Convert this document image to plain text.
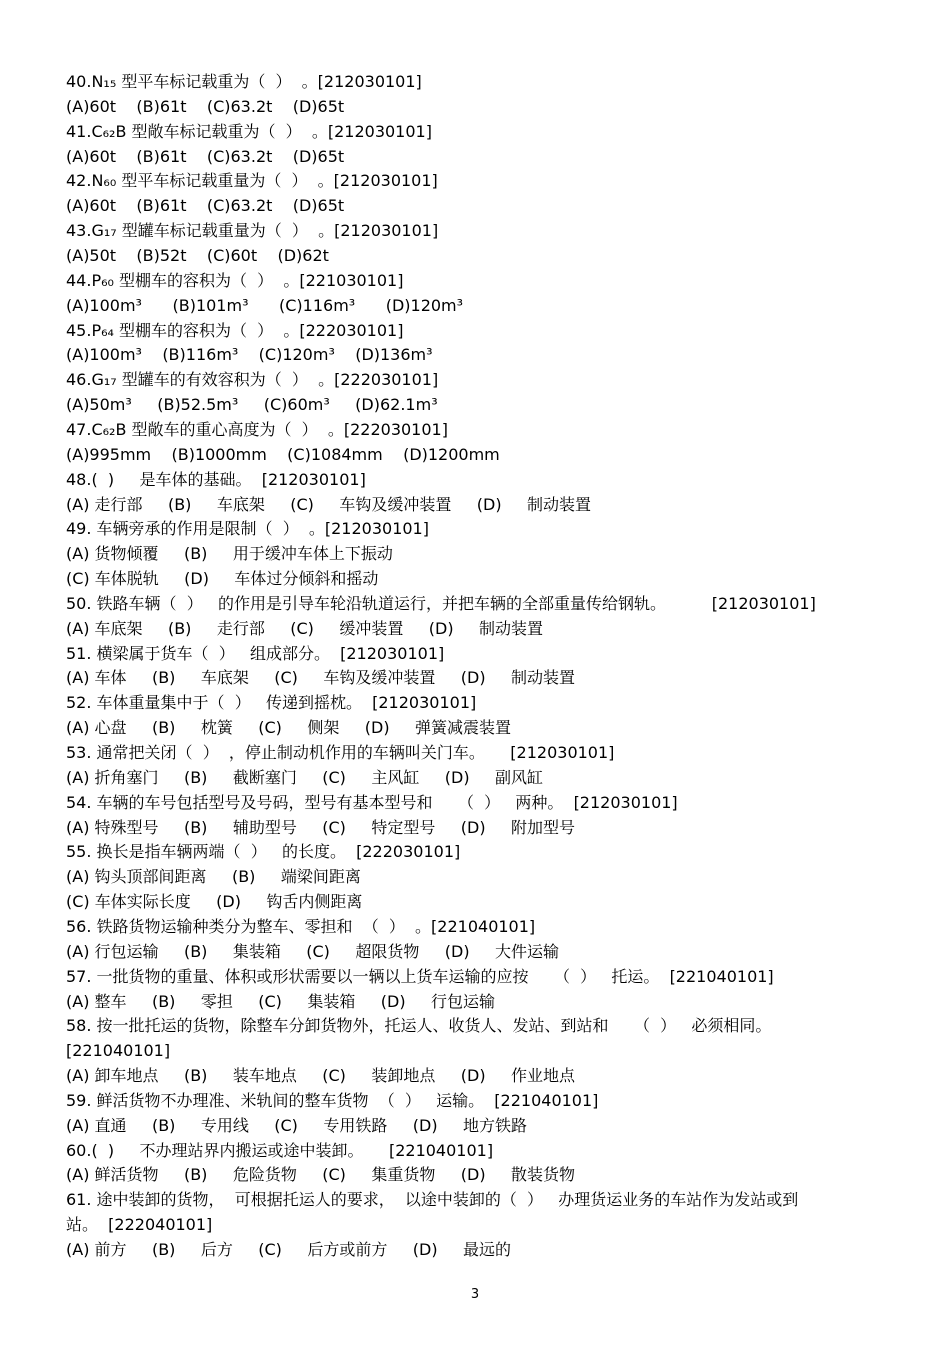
40.N₁₅ 型平车标记载重为（  ）  。[212030101]
(A)60t    (B)61t    (C)63.2t    (D)65t
41.C₆₂B 型敞车标记载重为（  ）  。[212030101]
(A)60t    (B)61t    (C)63.2t    (D)65t
42.N₆₀ 型平车标记载重量为（  ）  。[212030101]
(A)60t    (B)61t    (C)63.2t    (D)65t
43.G₁₇ 型罐车标记载重量为（  ）  。[212030101]
(A)50t    (B)52t    (C)60t    (D)62t
44.P₆₀ 型棚车的容积为（  ）  。[221030101]
(A)100m³      (B)101m³      (C)116m³      (D)120m³
45.P₆₄ 型棚车的容积为（  ）  。[222030101]
(A)100m³    (B)116m³    (C)120m³    (D)136m³
46.G₁₇ 型罐车的有效容积为（  ）  。[222030101]
(A)50m³     (B)52.5m³     (C)60m³     (D)62.1m³
47.C₆₂B 型敞车的重心高度为（  ）  。[222030101]
(A)995mm    (B)1000mm    (C)1084mm    (D)1200mm
48.(  )     是车体的基础。  [212030101]
(A) 走行部     (B)     车底架     (C)     车钩及缓冲装置     (D)     制动装置
49. 车辆旁承的作用是限制（  ）  。[212030101]
(A) 货物倾覆     (B)     用于缓冲车体上下振动
(C) 车体脱轨     (D)     车体过分倾斜和摇动
50. 铁路车辆（  ）   的作用是引导车轮沿轨道运行，并把车辆的全部重量传给钢轨。         [212030101]
(A) 车底架     (B)     走行部     (C)     缓冲装置     (D)     制动装置
51. 横梁属于货车（  ）   组成部分。  [212030101]
(A) 车体     (B)     车底架     (C)     车钩及缓冲装置     (D)     制动装置
52. 车体重量集中于（  ）   传递到摇枕。  [212030101]
(A) 心盘     (B)     枕簧     (C)     侧架     (D)     弹簧减震装置
53. 通常把关闭（  ）  ，停止制动机作用的车辆叫关门车。     [212030101]
(A) 折角塞门     (B)     截断塞门     (C)     主风缸     (D)     副风缸
54. 车辆的车号包括型号及号码，型号有基本型号和     （  ）   两种。  [212030101]
(A) 特殊型号     (B)     辅助型号     (C)     特定型号     (D)     附加型号
55. 换长是指车辆两端（  ）   的长度。  [222030101]
(A) 钩头顶部间距离     (B)     端梁间距离
(C) 车体实际长度     (D)     钩舌内侧距离
56. 铁路货物运输种类分为整车、零担和  （  ）  。[221040101]
(A) 行包运输     (B)     集装箱     (C)     超限货物     (D)     大件运输
57. 一批货物的重量、体积或形状需要以一辆以上货车运输的应按     （  ）   托运。  [221040101]
(A) 整车     (B)     零担     (C)     集装箱     (D)     行包运输
58. 按一批托运的货物，除整车分卸货物外，托运人、收货人、发站、到站和     （  ）   必须相同。
[221040101]
(A) 卸车地点     (B)     装车地点     (C)     装卸地点     (D)     作业地点
59. 鲜活货物不办理准、米轨间的整车货物  （  ）   运输。  [221040101]
(A) 直通     (B)     专用线     (C)     专用铁路     (D)     地方铁路
60.(  )     不办理站界内搬运或途中装卸。     [221040101]
(A) 鲜活货物     (B)     危险货物     (C)     集重货物     (D)     散装货物
61. 途中装卸的货物，  可根据托运人的要求，  以途中装卸的（  ）   办理货运业务的车站作为发站或到
站。  [222040101]
(A) 前方     (B)     后方     (C)     后方或前方     (D)     最远的
3
